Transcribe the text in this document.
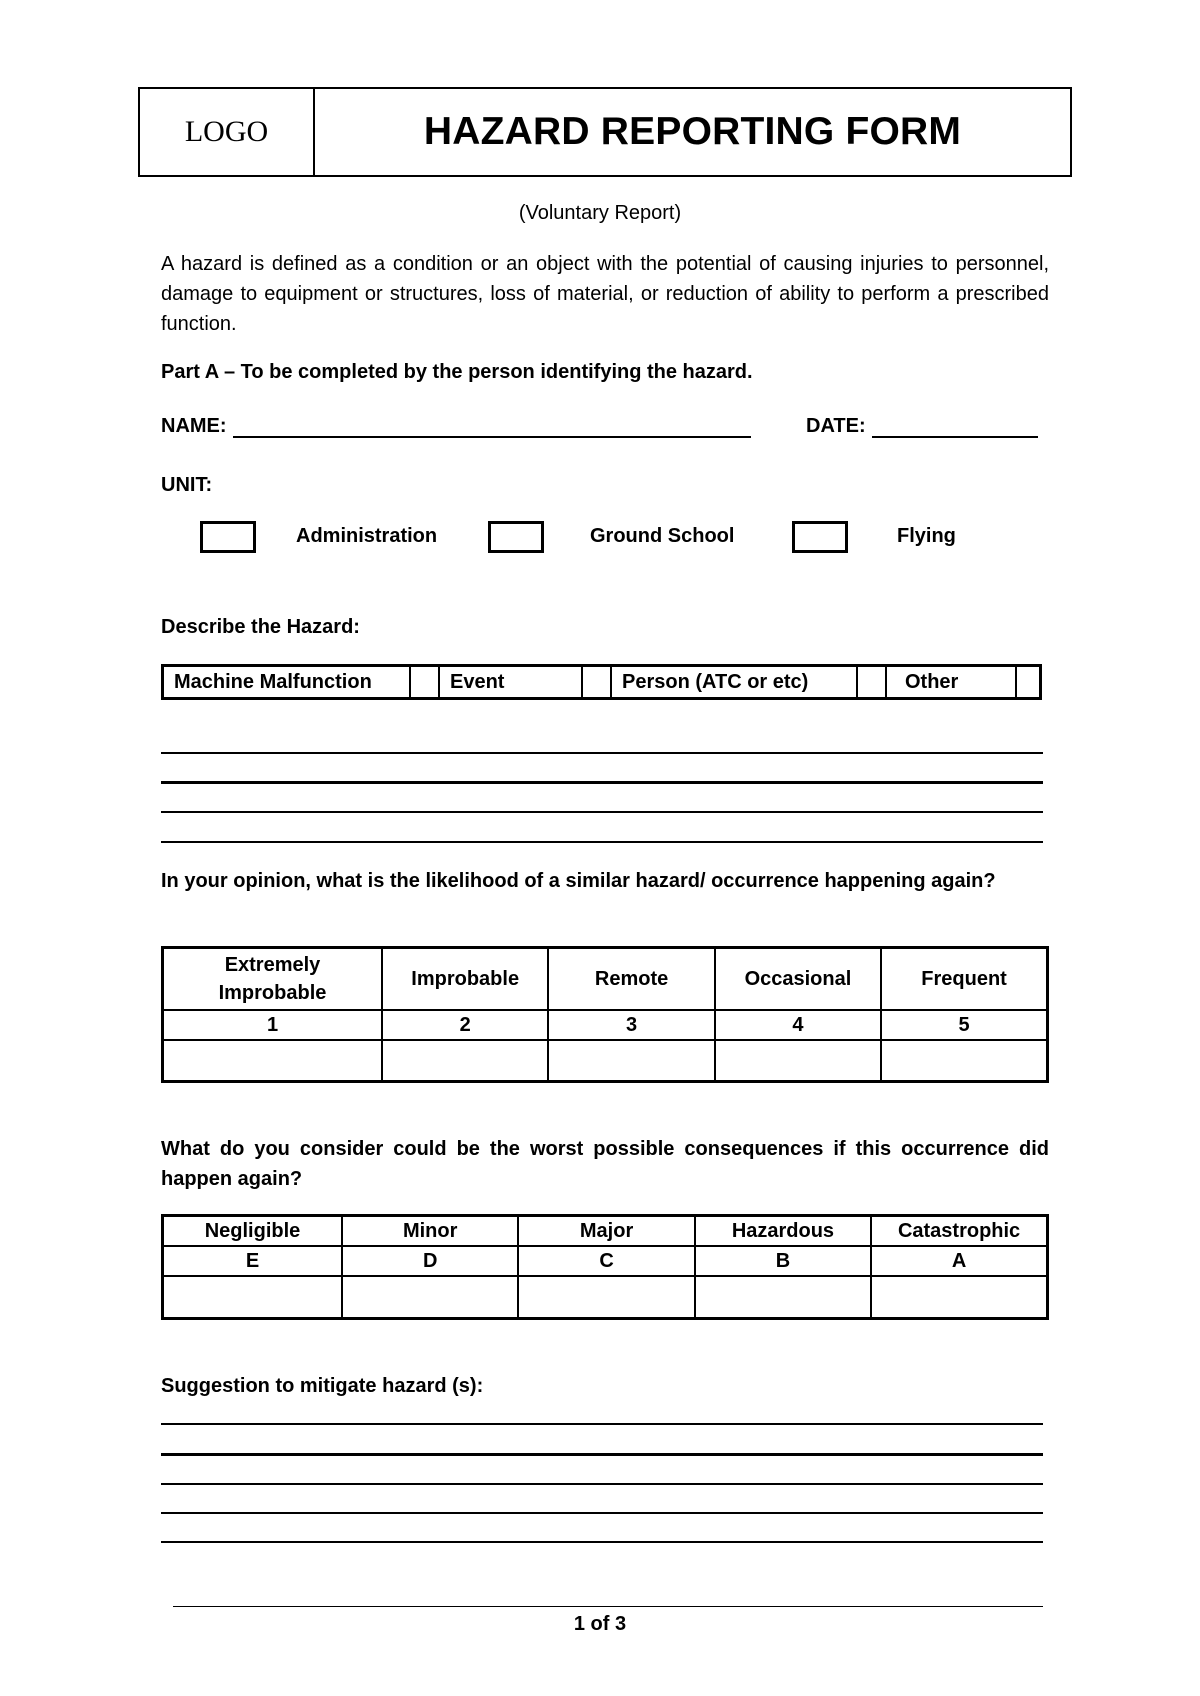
LOGO	HAZARD REPORTING FORM
(Voluntary Report)
A hazard is defined as a condition or an object with the potential of causing injuries to personnel, damage to equipment or structures, loss of material, or reduction of ability to perform a prescribed function.
Part A – To be completed by the person identifying the hazard.
NAME:	DATE:
UNIT:
Administration	Ground School	Flying
Describe the Hazard:
Machine Malfunction	Event	Person (ATC or etc)	Other
In your opinion, what is the likelihood of a similar hazard/ occurrence happening again?
Extremely Improbable	Improbable	Remote	Occasional	Frequent
1	2	3	4	5

What do you consider could be the worst possible consequences if this occurrence did happen again?
Negligible	Minor	Major	Hazardous	Catastrophic
E	D	C	B	A

Suggestion to mitigate hazard (s):
1 of 3
